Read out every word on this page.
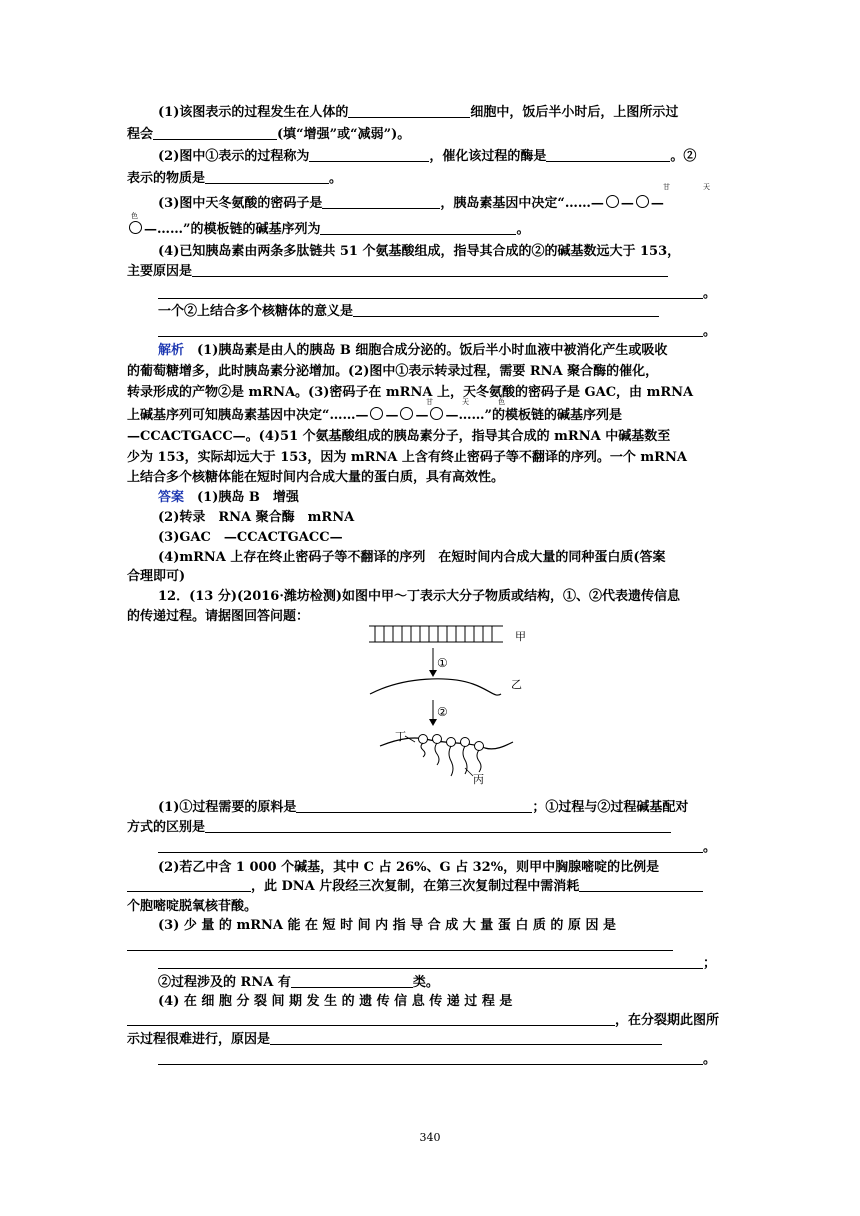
(1)该图表示的过程发生在人体的	细胞中，饭后半小时后，上图所示过
程会	(填“增强”或“减弱”)。
(2)图中①表示的过程称为	，催化该过程的酶是	。②
表示的物质是	。
甘	天
色
(3)图中天冬氨酸的密码子是	，胰岛素基因中决定“……— — —
—……”的模板链的碱基序列为	。
(4)已知胰岛素由两条多肽链共 51 个氨基酸组成，指导其合成的②的碱基数远大于 153，
主要原因是
。
一个②上结合多个核糖体的意义是
。
解析　 (1)胰岛素是由人的胰岛 B 细胞合成分泌的。饭后半小时血液中被消化产生或吸收
的葡萄糖增多，此时胰岛素分泌增加。(2)图中①表示转录过程，需要 RNA 聚合酶的催化，
转录形成的产物②是 mRNA。(3)密码子在 mRNA 上，天冬氨酸的密码子是 GAC，由 mRNA
甘	天	色
上碱基序列可知胰岛素基因中决定“……— — — —……”的模板链的碱基序列是
—CCACTGACC—。(4)51 个氨基酸组成的胰岛素分子，指导其合成的 mRNA 中碱基数至
少为 153，实际却远大于 153，因为 mRNA 上含有终止密码子等不翻译的序列。一个 mRNA
上结合多个核糖体能在短时间内合成大量的蛋白质，具有高效性。
答案　 (1)胰岛 B　增强
(2)转录　RNA 聚合酶　mRNA
(3)GAC　—CCACTGACC—
(4)mRNA 上存在终止密码子等不翻译的序列　在短时间内合成大量的同种蛋白质(答案
合理即可)
12．(13 分)(2016·潍坊检测)如图中甲～丁表示大分子物质或结构，①、②代表遗传信息
的传递过程。请据图回答问题：
甲
①
乙
②
丁
丙
(1)①过程需要的原料是	；①过程与②过程碱基配对
方式的区别是
。
(2)若乙中含 1 000 个碱基，其中 C 占 26%、G 占 32%，则甲中胸腺嘧啶的比例是
，此 DNA 片段经三次复制，在第三次复制过程中需消耗
个胞嘧啶脱氧核苷酸。
(3) 少 量 的 mRNA 能 在 短 时 间 内 指 导 合 成 大 量 蛋 白 质 的 原 因 是
；
②过程涉及的 RNA 有	类。
(4) 在 细 胞 分 裂 间 期 发 生 的 遗 传 信 息 传 递 过 程 是
，在分裂期此图所
示过程很难进行，原因是
。
340
